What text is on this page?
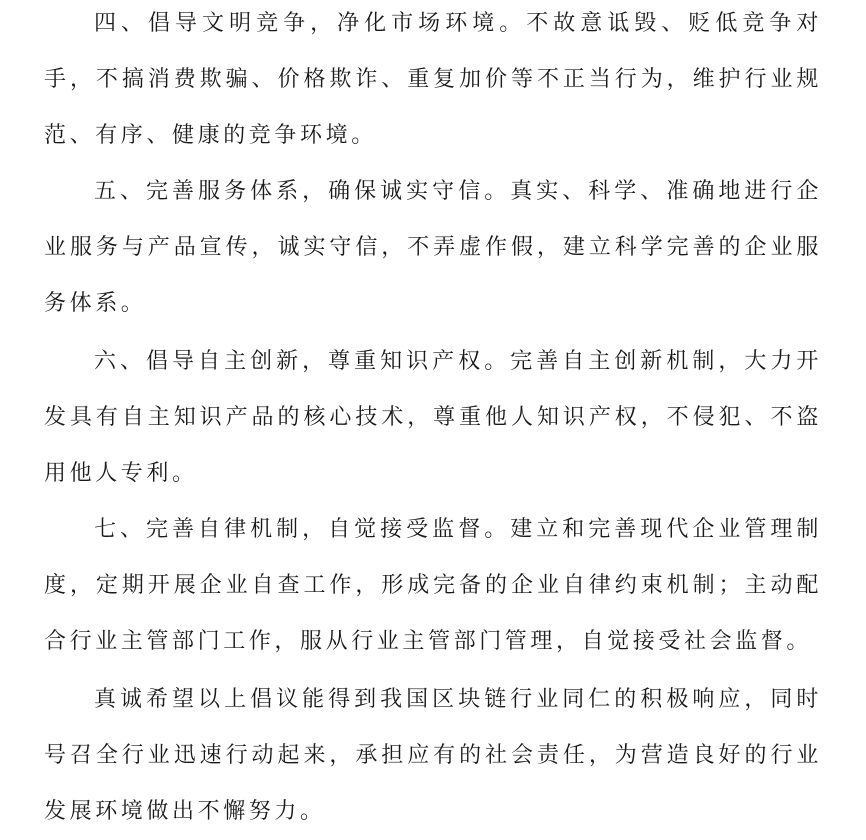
四、倡导文明竞争，净化市场环境。不故意诋毁、贬低竞争对手，不搞消费欺骗、价格欺诈、重复加价等不正当行为，维护行业规范、有序、健康的竞争环境。

五、完善服务体系，确保诚实守信。真实、科学、准确地进行企业服务与产品宣传，诚实守信，不弄虚作假，建立科学完善的企业服务体系。

六、倡导自主创新，尊重知识产权。完善自主创新机制，大力开发具有自主知识产品的核心技术，尊重他人知识产权，不侵犯、不盗用他人专利。

七、完善自律机制，自觉接受监督。建立和完善现代企业管理制度，定期开展企业自查工作，形成完备的企业自律约束机制；主动配合行业主管部门工作，服从行业主管部门管理，自觉接受社会监督。

真诚希望以上倡议能得到我国区块链行业同仁的积极响应，同时号召全行业迅速行动起来，承担应有的社会责任，为营造良好的行业发展环境做出不懈努力。
